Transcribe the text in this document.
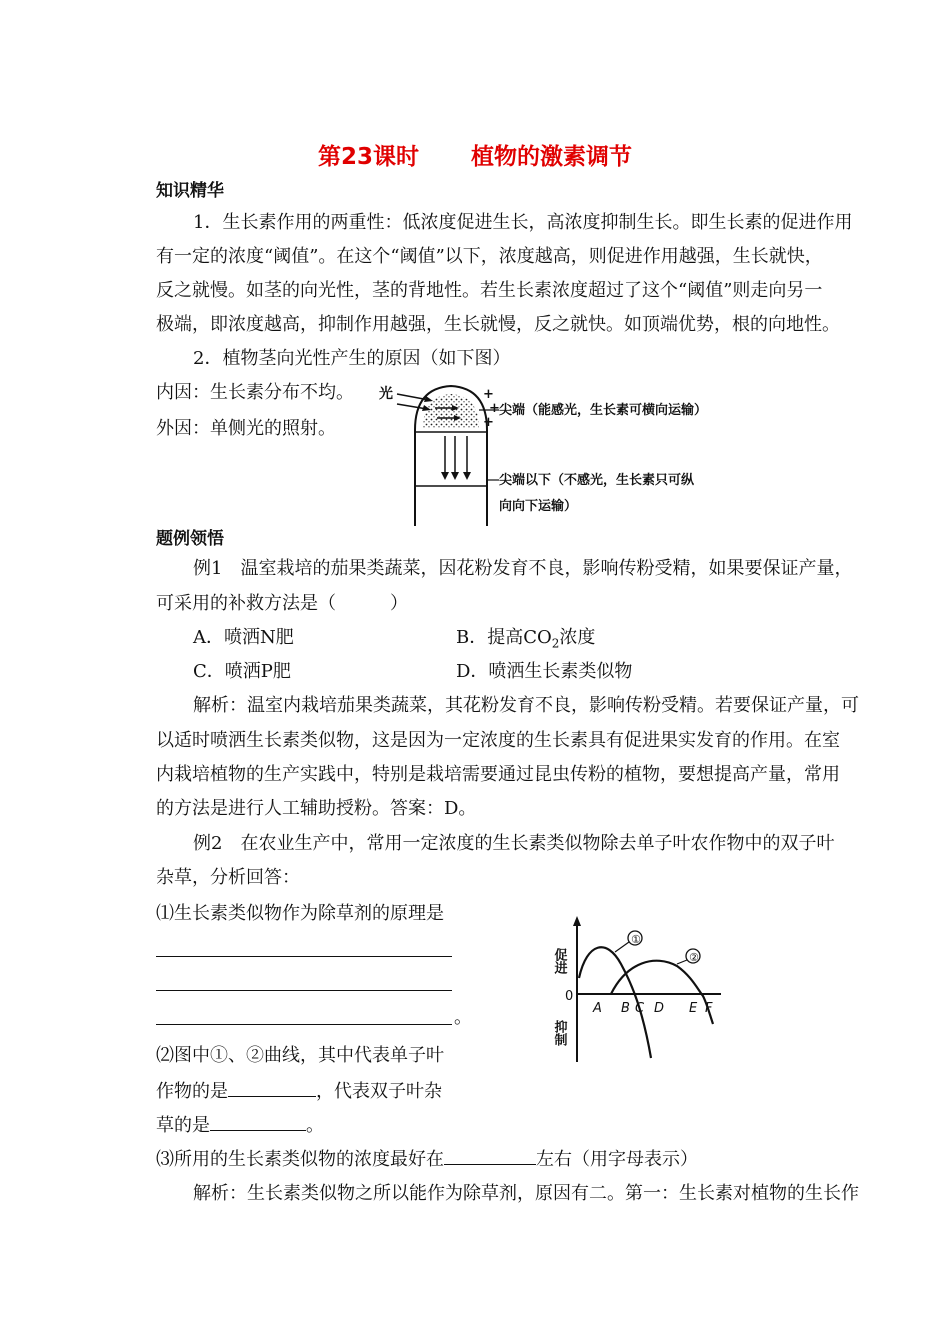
第23课时 植物的激素调节
知识精华
1．生长素作用的两重性：低浓度促进生长，高浓度抑制生长。即生长素的促进作用
有一定的浓度“阈值”。在这个“阈值”以下，浓度越高，则促进作用越强，生长就快，
反之就慢。如茎的向光性，茎的背地性。若生长素浓度超过了这个“阈值”则走向另一
极端，即浓度越高，抑制作用越强，生长就慢，反之就快。如顶端优势，根的向地性。
2．植物茎向光性产生的原因（如下图）
内因：生长素分布不均。
外因：单侧光的照射。
光	+
+
+
尖端（能感光，生长素可横向运输）
尖端以下（不感光，生长素只可纵
向向下运输）
题例领悟
例1　温室栽培的茄果类蔬菜，因花粉发育不良，影响传粉受精，如果要保证产量，
可采用的补救方法是（　　　）
A．喷洒N肥	B．提高$CO_2$浓度
C．喷洒P肥	D．喷洒生长素类似物
解析：温室内栽培茄果类蔬菜，其花粉发育不良，影响传粉受精。若要保证产量，可
以适时喷洒生长素类似物，这是因为一定浓度的生长素具有促进果实发育的作用。在室
内栽培植物的生产实践中，特别是栽培需要通过昆虫传粉的植物，要想提高产量，常用
的方法是进行人工辅助授粉。答案：D。
例2　在农业生产中，常用一定浓度的生长素类似物除去单子叶农作物中的双子叶
杂草，分析回答：
⑴生长素类似物作为除草剂的原理是
。
⑵图中①、②曲线，其中代表单子叶
作物的是	，代表双子叶杂
草的是	。
⑶所用的生长素类似物的浓度最好在	左右（用字母表示）
解析：生长素类似物之所以能作为除草剂，原因有二。第一：生长素对植物的生长作
促进
抑制
0
A B C D E F
①
②
